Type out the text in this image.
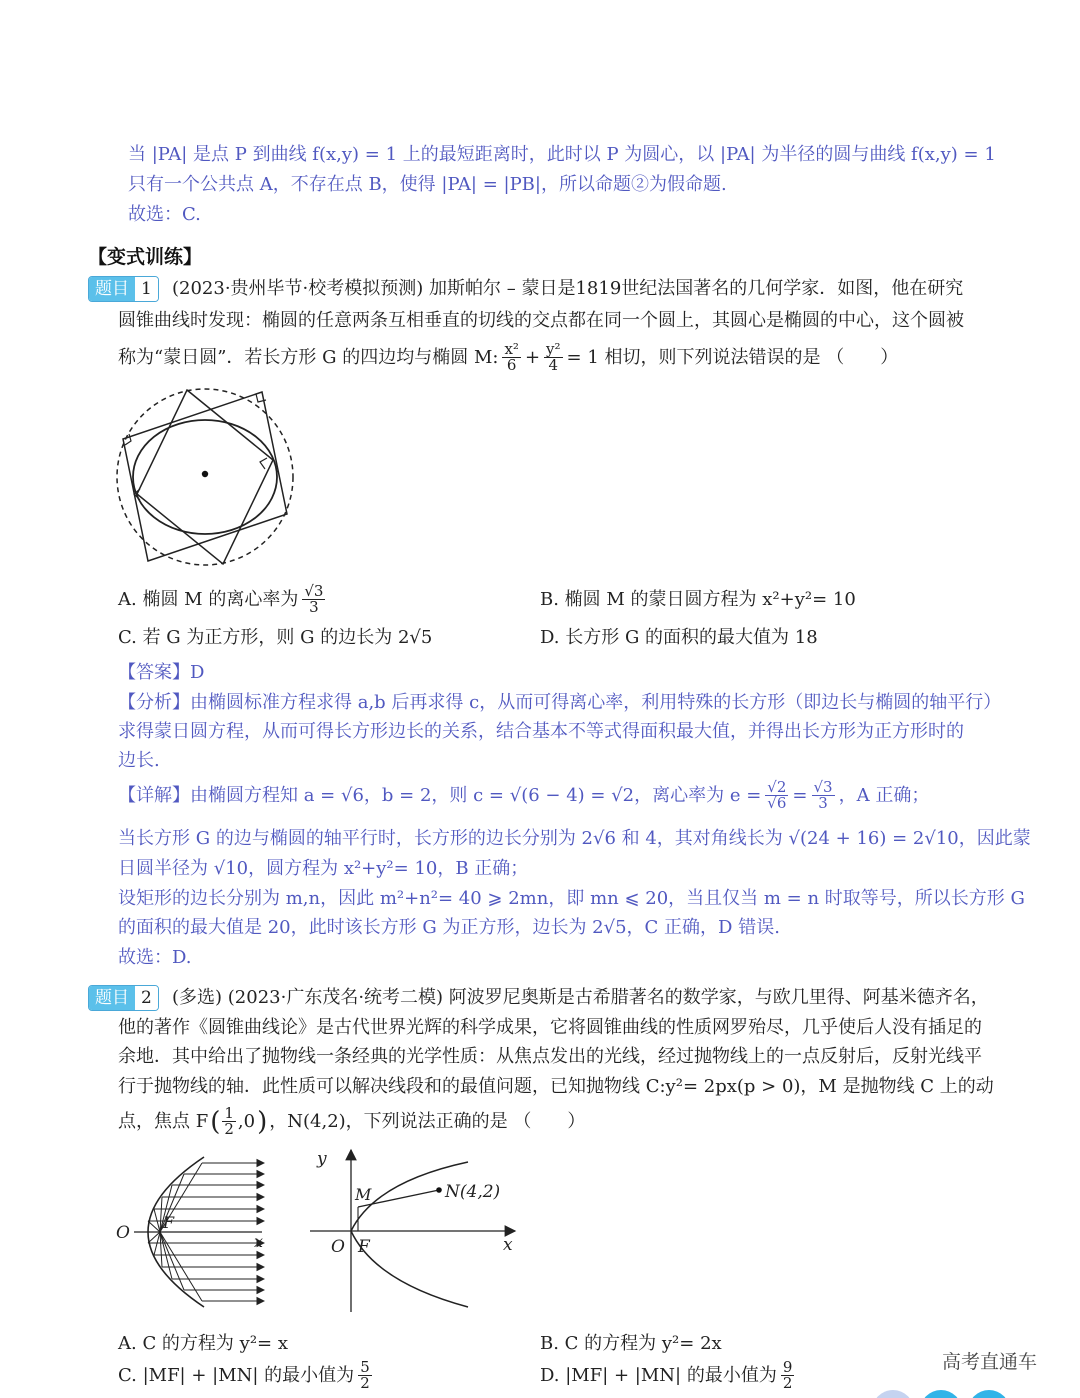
当 |PA| 是点 P 到曲线 f(x,y) = 1 上的最短距离时，此时以 P 为圆心，以 |PA| 为半径的圆与曲线 f(x,y) = 1
只有一个公共点 A，不存在点 B，使得 |PA| = |PB|，所以命题②为假命题.
故选：C.
【变式训练】
题目 1	(2023·贵州毕节·校考模拟预测) 加斯帕尔 – 蒙日是1819世纪法国著名的几何学家．如图，他在研究
圆锥曲线时发现：椭圆的任意两条互相垂直的切线的交点都在同一个圆上，其圆心是椭圆的中心，这个圆被
称为“蒙日圆”．若长方形 G 的四边均与椭圆 M: $\frac{\text{x²}}{6} + \frac{\text{y²}}{4} = 1$ 相切，则下列说法错误的是 （　　）
A. 椭圆 M 的离心率为 $\frac{√3}{3}$	B. 椭圆 M 的蒙日圆方程为 x²+y²= 10
C. 若 G 为正方形，则 G 的边长为 2√5	D. 长方形 G 的面积的最大值为 18
【答案】D
【分析】由椭圆标准方程求得 a,b 后再求得 c，从而可得离心率，利用特殊的长方形（即边长与椭圆的轴平行）
求得蒙日圆方程，从而可得长方形边长的关系，结合基本不等式得面积最大值，并得出长方形为正方形时的
边长.
【详解】由椭圆方程知 a = √6，b = 2，则 c = √(6 − 4) = √2，离心率为 $e = \frac{√2}{√6} = \frac{√3}{3}$ ，A 正确；
当长方形 G 的边与椭圆的轴平行时，长方形的边长分别为 2√6 和 4，其对角线长为 √(24 + 16) = 2√10，因此蒙
日圆半径为 √10，圆方程为 x²+y²= 10，B 正确；
设矩形的边长分别为 m,n，因此 m²+n²= 40 ⩾ 2mn，即 mn ⩽ 20，当且仅当 m = n 时取等号，所以长方形 G
的面积的最大值是 20，此时该长方形 G 为正方形，边长为 2√5，C 正确，D 错误.
故选：D.
题目 2	(多选) (2023·广东茂名·统考二模) 阿波罗尼奥斯是古希腊著名的数学家，与欧几里得、阿基米德齐名，
他的著作《圆锥曲线论》是古代世界光辉的科学成果，它将圆锥曲线的性质网罗殆尽，几乎使后人没有插足的
余地．其中给出了抛物线一条经典的光学性质：从焦点发出的光线，经过抛物线上的一点反射后，反射光线平
行于抛物线的轴．此性质可以解决线段和的最值问题，已知抛物线 C:y²= 2px(p > 0)，M 是抛物线 C 上的动
点，焦点 F ( $\frac{1}{2} ,0$ ) ，N(4,2)，下列说法正确的是 （　　）
O
F
x
y
M	N(4,2)
O F	x
A. C 的方程为 y²= x	B. C 的方程为 y²= 2x
C. |MF| + |MN| 的最小值为 $\frac{5}{2}$	D. |MF| + |MN| 的最小值为 $\frac{9}{2}$	高考直通车
